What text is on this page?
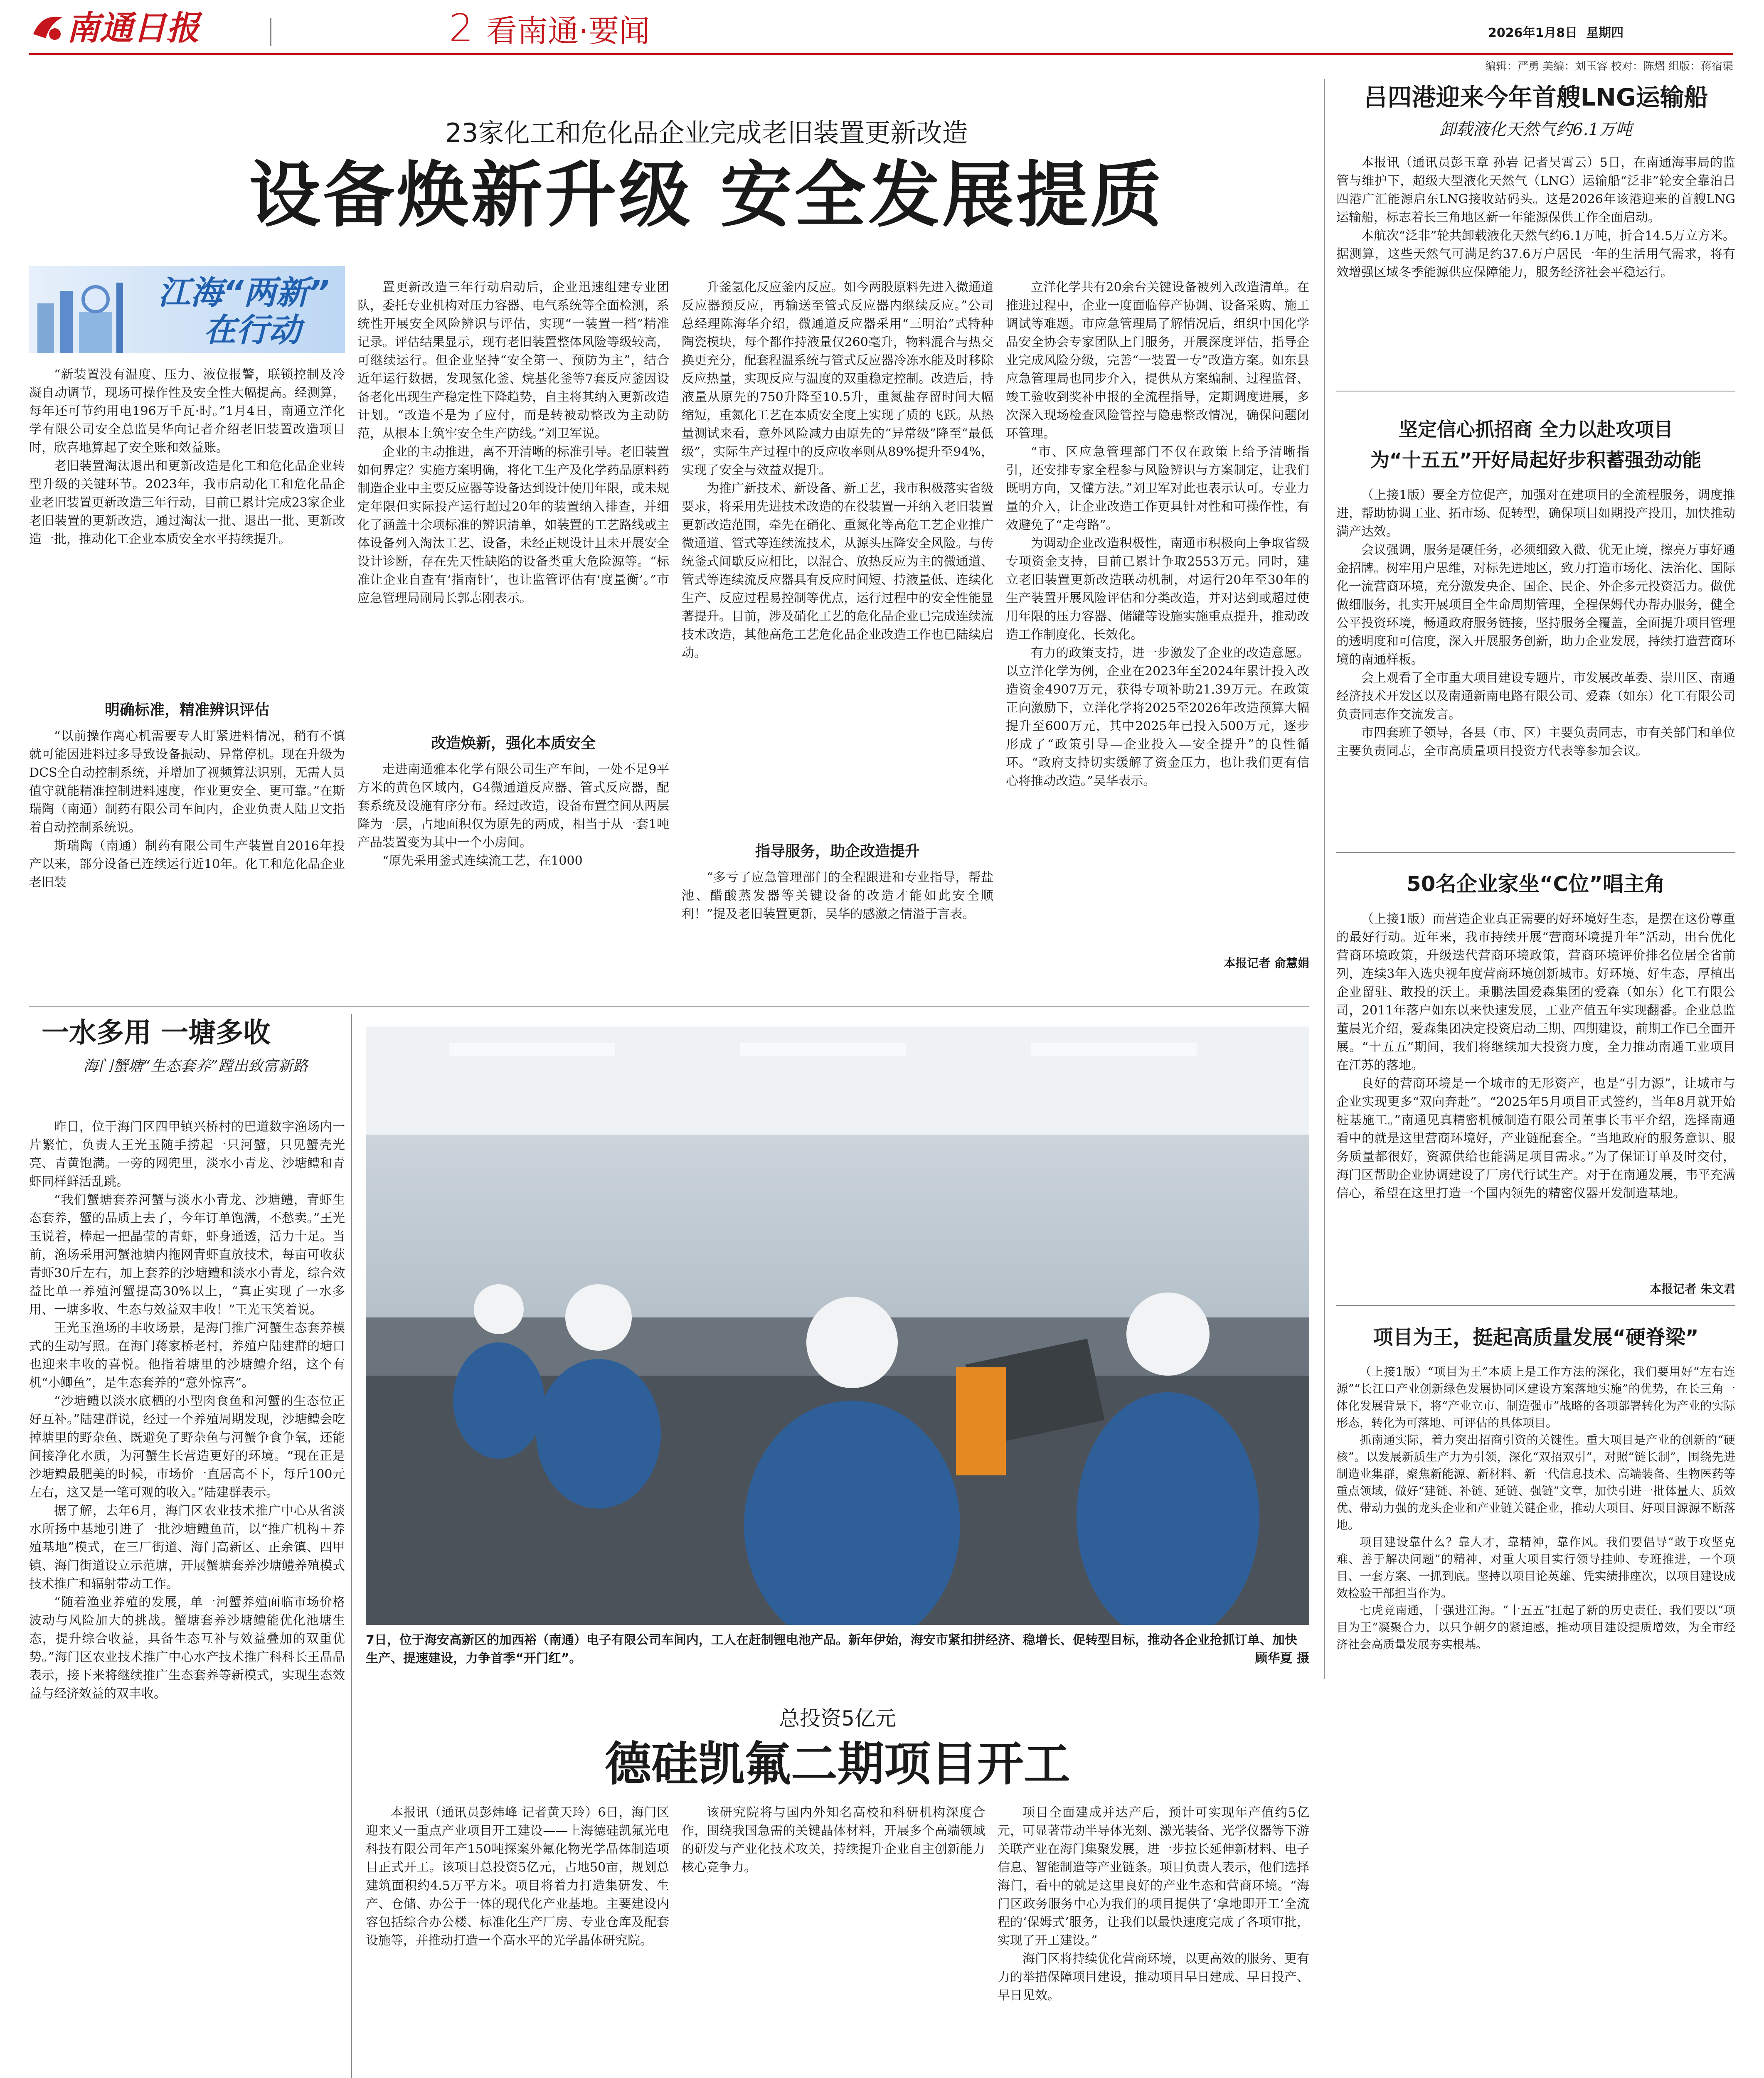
南通日报	2 看南通·要闻	2026年1月8日 星期四
编辑：严勇 美编：刘玉容 校对：陈熠 组版：蒋宿渠
23家化工和危化品企业完成老旧装置更新改造
设备焕新升级 安全发展提质
江海“两新”
在行动

“新装置没有温度、压力、液位报警，联锁控制及冷凝自动调节，现场可操作性及安全性大幅提高。经测算，每年还可节约用电196万千瓦·时。”1月4日，南通立洋化学有限公司安全总监吴华向记者介绍老旧装置改造项目时，欣喜地算起了安全账和效益账。

老旧装置淘汰退出和更新改造是化工和危化品企业转型升级的关键环节。2023年，我市启动化工和危化品企业老旧装置更新改造三年行动，目前已累计完成23家企业老旧装置的更新改造，通过淘汰一批、退出一批、更新改造一批，推动化工企业本质安全水平持续提升。

明确标准，精准辨识评估

“以前操作离心机需要专人盯紧进料情况，稍有不慎就可能因进料过多导致设备振动、异常停机。现在升级为DCS全自动控制系统，并增加了视频算法识别，无需人员值守就能精准控制进料速度，作业更安全、更可靠。”在斯瑞陶（南通）制药有限公司车间内，企业负责人陆卫文指着自动控制系统说。

斯瑞陶（南通）制药有限公司生产装置自2016年投产以来，部分设备已连续运行近10年。化工和危化品企业老旧装

置更新改造三年行动启动后，企业迅速组建专业团队，委托专业机构对压力容器、电气系统等全面检测，系统性开展安全风险辨识与评估，实现“一装置一档”精准记录。评估结果显示，现有老旧装置整体风险等级较高，可继续运行。但企业坚持“安全第一、预防为主”，结合近年运行数据，发现氢化釜、烷基化釜等7套反应釜因设备老化出现生产稳定性下降趋势，自主将其纳入更新改造计划。“改造不是为了应付，而是转被动整改为主动防范，从根本上筑牢安全生产防线。”刘卫军说。

企业的主动推进，离不开清晰的标准引导。老旧装置如何界定？实施方案明确，将化工生产及化学药品原料药制造企业中主要反应器等设备达到设计使用年限，或未规定年限但实际投产运行超过20年的装置纳入排查，并细化了涵盖十余项标准的辨识清单，如装置的工艺路线或主体设备列入淘汰工艺、设备，未经正规设计且未开展安全设计诊断，存在先天性缺陷的设备类重大危险源等。“标准让企业自查有‘指南针’，也让监管评估有‘度量衡’。”市应急管理局副局长郭志刚表示。

改造焕新，强化本质安全

走进南通雅本化学有限公司生产车间，一处不足9平方米的黄色区域内，G4微通道反应器、管式反应器，配套系统及设施有序分布。经过改造，设备布置空间从两层降为一层，占地面积仅为原先的两成，相当于从一套1吨产品装置变为其中一个小房间。

“原先采用釜式连续流工艺，在1000

升釜氢化反应釜内反应。如今两股原料先进入微通道反应器预反应，再输送至管式反应器内继续反应。”公司总经理陈海华介绍，微通道反应器采用“三明治”式特种陶瓷模块，每个都作持液量仅260毫升，物料混合与热交换更充分，配套程温系统与管式反应器冷冻水能及时移除反应热量，实现反应与温度的双重稳定控制。改造后，持液量从原先的750升降至10.5升，重氮盐存留时间大幅缩短，重氮化工艺在本质安全度上实现了质的飞跃。从热量测试来看，意外风险减力由原先的“异常级”降至“最低级”，实际生产过程中的反应收率则从89%提升至94%，实现了安全与效益双提升。

为推广新技术、新设备、新工艺，我市积极落实省级要求，将采用先进技术改造的在役装置一并纳入老旧装置更新改造范围，牵先在硝化、重氮化等高危工艺企业推广微通道、管式等连续流技术，从源头压降安全风险。与传统釜式间歇反应相比，以混合、放热反应为主的微通道、管式等连续流反应器具有反应时间短、持液量低、连续化生产、反应过程易控制等优点，运行过程中的安全性能显著提升。目前，涉及硝化工艺的危化品企业已完成连续流技术改造，其他高危工艺危化品企业改造工作也已陆续启动。

指导服务，助企改造提升

“多亏了应急管理部门的全程跟进和专业指导，帮盐池、醋酸蒸发器等关键设备的改造才能如此安全顺利！”提及老旧装置更新，吴华的感激之情溢于言表。

立洋化学共有20余台关键设备被列入改造清单。在推进过程中，企业一度面临停产协调、设备采购、施工调试等难题。市应急管理局了解情况后，组织中国化学品安全协会专家团队上门服务，开展深度评估，指导企业完成风险分级，完善“一装置一专”改造方案。如东县应急管理局也同步介入，提供从方案编制、过程监督、竣工验收到奖补申报的全流程指导，定期调度进展，多次深入现场检查风险管控与隐患整改情况，确保问题闭环管理。

“市、区应急管理部门不仅在政策上给予清晰指引，还安排专家全程参与风险辨识与方案制定，让我们既明方向，又懂方法。”刘卫军对此也表示认可。专业力量的介入，让企业改造工作更具针对性和可操作性，有效避免了“走弯路”。

为调动企业改造积极性，南通市积极向上争取省级专项资金支持，目前已累计争取2553万元。同时，建立老旧装置更新改造联动机制，对运行20年至30年的生产装置开展风险评估和分类改造，并对达到或超过使用年限的压力容器、储罐等设施实施重点提升，推动改造工作制度化、长效化。

有力的政策支持，进一步激发了企业的改造意愿。以立洋化学为例，企业在2023年至2024年累计投入改造资金4907万元，获得专项补助21.39万元。在政策正向激励下，立洋化学将2025至2026年改造预算大幅提升至600万元，其中2025年已投入500万元，逐步形成了“政策引导—企业投入—安全提升”的良性循环。“政府支持切实缓解了资金压力，也让我们更有信心将推动改造。”吴华表示。

本报记者 俞慧娟
吕四港迎来今年首艘LNG运输船
卸载液化天然气约6.1万吨

本报讯（通讯员彭玉章 孙岩 记者吴霄云）5日，在南通海事局的监管与维护下，超级大型液化天然气（LNG）运输船“泛非”轮安全靠泊吕四港广汇能源启东LNG接收站码头。这是2026年该港迎来的首艘LNG运输船，标志着长三角地区新一年能源保供工作全面启动。

本航次“泛非”轮共卸载液化天然气约6.1万吨，折合14.5万立方米。据测算，这些天然气可满足约37.6万户居民一年的生活用气需求，将有效增强区域冬季能源供应保障能力，服务经济社会平稳运行。

坚定信心抓招商 全力以赴攻项目
为“十五五”开好局起好步积蓄强劲动能

（上接1版）要全方位促产，加强对在建项目的全流程服务，调度推进，帮助协调工业、拓市场、促转型，确保项目如期投产投用，加快推动满产达效。

会议强调，服务是硬任务，必须细致入微、优无止境，擦亮万事好通金招牌。树牢用户思维，对标先进地区，致力打造市场化、法治化、国际化一流营商环境，充分激发央企、国企、民企、外企多元投资活力。做优做细服务，扎实开展项目全生命周期管理，全程保姆代办帮办服务，健全公平投资环境，畅通政府服务链接，坚持服务全覆盖，全面提升项目管理的透明度和可信度，深入开展服务创新，助力企业发展，持续打造营商环境的南通样板。

会上观看了全市重大项目建设专题片，市发展改革委、崇川区、南通经济技术开发区以及南通新南电路有限公司、爱森（如东）化工有限公司负责同志作交流发言。

市四套班子领导，各县（市、区）主要负责同志，市有关部门和单位主要负责同志，全市高质量项目投资方代表等参加会议。

50名企业家坐“C位”唱主角

（上接1版）而营造企业真正需要的好环境好生态，是摆在这份尊重的最好行动。近年来，我市持续开展“营商环境提升年”活动，出台优化营商环境政策，升级迭代营商环境政策，营商环境评价排名位居全省前列，连续3年入选央视年度营商环境创新城市。好环境、好生态，厚植出企业留驻、敢投的沃土。秉鹏法国爱森集团的爱森（如东）化工有限公司，2011年落户如东以来快速发展，工业产值五年实现翻番。企业总监董晨光介绍，爱森集团决定投资启动三期、四期建设，前期工作已全面开展。“十五五”期间，我们将继续加大投资力度，全力推动南通工业项目在江苏的落地。

良好的营商环境是一个城市的无形资产，也是“引力源”，让城市与企业实现更多“双向奔赴”。“2025年5月项目正式签约，当年8月就开始桩基施工。”南通见真精密机械制造有限公司董事长韦平介绍，选择南通看中的就是这里营商环境好，产业链配套全。“当地政府的服务意识、服务质量都很好，资源供给也能满足项目需求。”为了保证订单及时交付，海门区帮助企业协调建设了厂房代行试生产。对于在南通发展，韦平充满信心，希望在这里打造一个国内领先的精密仪器开发制造基地。

本报记者 朱文君
项目为王，挺起高质量发展“硬脊梁”

（上接1版）“项目为王”本质上是工作方法的深化，我们要用好“左右连源”“长江口产业创新绿色发展协同区建设方案落地实施”的优势，在长三角一体化发展背景下，将“产业立市、制造强市”战略的各项部署转化为产业的实际形态，转化为可落地、可评估的具体项目。

抓南通实际，着力突出招商引资的关键性。重大项目是产业的创新的“硬核”。以发展新质生产力为引领，深化“双招双引”，对照“链长制”，围绕先进制造业集群，聚焦新能源、新材料、新一代信息技术、高端装备、生物医药等重点领域，做好“建链、补链、延链、强链”文章，加快引进一批体量大、质效优、带动力强的龙头企业和产业链关键企业，推动大项目、好项目源源不断落地。

项目建设靠什么？靠人才，靠精神，靠作风。我们要倡导“敢于攻坚克难、善于解决问题”的精神，对重大项目实行领导挂帅、专班推进，一个项目、一套方案、一抓到底。坚持以项目论英雄、凭实绩排座次，以项目建设成效检验干部担当作为。

七虎竞南通，十强进江海。“十五五”扛起了新的历史责任，我们要以“项目为王”凝聚合力，以只争朝夕的紧迫感，推动项目建设提质增效，为全市经济社会高质量发展夯实根基。

一水多用 一塘多收
海门蟹塘“生态套养”蹚出致富新路

昨日，位于海门区四甲镇兴桥村的巴道数字渔场内一片繁忙，负责人王光玉随手捞起一只河蟹，只见蟹壳光亮、青黄饱满。一旁的网兜里，淡水小青龙、沙塘鳢和青虾同样鲜活乱跳。

“我们蟹塘套养河蟹与淡水小青龙、沙塘鳢，青虾生态套养，蟹的品质上去了，今年订单饱满，不愁卖。”王光玉说着，棒起一把晶莹的青虾，虾身通透，活力十足。当前，渔场采用河蟹池塘内拖网青虾直放技术，每亩可收获青虾30斤左右，加上套养的沙塘鳢和淡水小青龙，综合效益比单一养殖河蟹提高30%以上，“真正实现了一水多用、一塘多收、生态与效益双丰收！”王光玉笑着说。

王光玉渔场的丰收场景，是海门推广河蟹生态套养模式的生动写照。在海门蒋家桥老村，养殖户陆建群的塘口也迎来丰收的喜悦。他指着塘里的沙塘鳢介绍，这个有机“小鲫鱼”，是生态套养的“意外惊喜”。

“沙塘鳢以淡水底栖的小型肉食鱼和河蟹的生态位正好互补。”陆建群说，经过一个养殖周期发现，沙塘鳢会吃掉塘里的野杂鱼、既避免了野杂鱼与河蟹争食争氧，还能间接净化水质，为河蟹生长营造更好的环境。“现在正是沙塘鳢最肥美的时候，市场价一直居高不下，每斤100元左右，这又是一笔可观的收入。”陆建群表示。

据了解，去年6月，海门区农业技术推广中心从省淡水所扬中基地引进了一批沙塘鳢鱼苗，以“推广机构＋养殖基地”模式，在三厂街道、海门高新区、正余镇、四甲镇、海门街道设立示范塘，开展蟹塘套养沙塘鳢养殖模式技术推广和辐射带动工作。

“随着渔业养殖的发展，单一河蟹养殖面临市场价格波动与风险加大的挑战。蟹塘套养沙塘鳢能优化池塘生态，提升综合收益，具备生态互补与效益叠加的双重优势。”海门区农业技术推广中心水产技术推广科科长王晶晶表示，接下来将继续推广生态套养等新模式，实现生态效益与经济效益的双丰收。

7日，位于海安高新区的加西裕（南通）电子有限公司车间内，工人在赶制锂电池产品。新年伊始，海安市紧扣拼经济、稳增长、促转型目标，推动各企业抢抓订单、加快生产、提速建设，力争首季“开门红”。	顾华夏 摄
总投资5亿元
德硅凯氟二期项目开工

本报讯（通讯员彭炜峰 记者黄天玲）6日，海门区迎来又一重点产业项目开工建设——上海德硅凯氟光电科技有限公司年产150吨探案外氟化物光学晶体制造项目正式开工。该项目总投资5亿元，占地50亩，规划总建筑面积约4.5万平方米。项目将着力打造集研发、生产、仓储、办公于一体的现代化产业基地。主要建设内容包括综合办公楼、标准化生产厂房、专业仓库及配套设施等，并推动打造一个高水平的光学晶体研究院。

该研究院将与国内外知名高校和科研机构深度合作，围绕我国急需的关键晶体材料，开展多个高端领域的研发与产业化技术攻关，持续提升企业自主创新能力核心竞争力。

项目全面建成并达产后，预计可实现年产值约5亿元，可显著带动半导体光刻、激光装备、光学仪器等下游关联产业在海门集聚发展，进一步拉长延伸新材料、电子信息、智能制造等产业链条。项目负责人表示，他们选择海门，看中的就是这里良好的产业生态和营商环境。“海门区政务服务中心为我们的项目提供了‘拿地即开工’全流程的‘保姆式’服务，让我们以最快速度完成了各项审批，实现了开工建设。”

海门区将持续优化营商环境，以更高效的服务、更有力的举措保障项目建设，推动项目早日建成、早日投产、早日见效。
